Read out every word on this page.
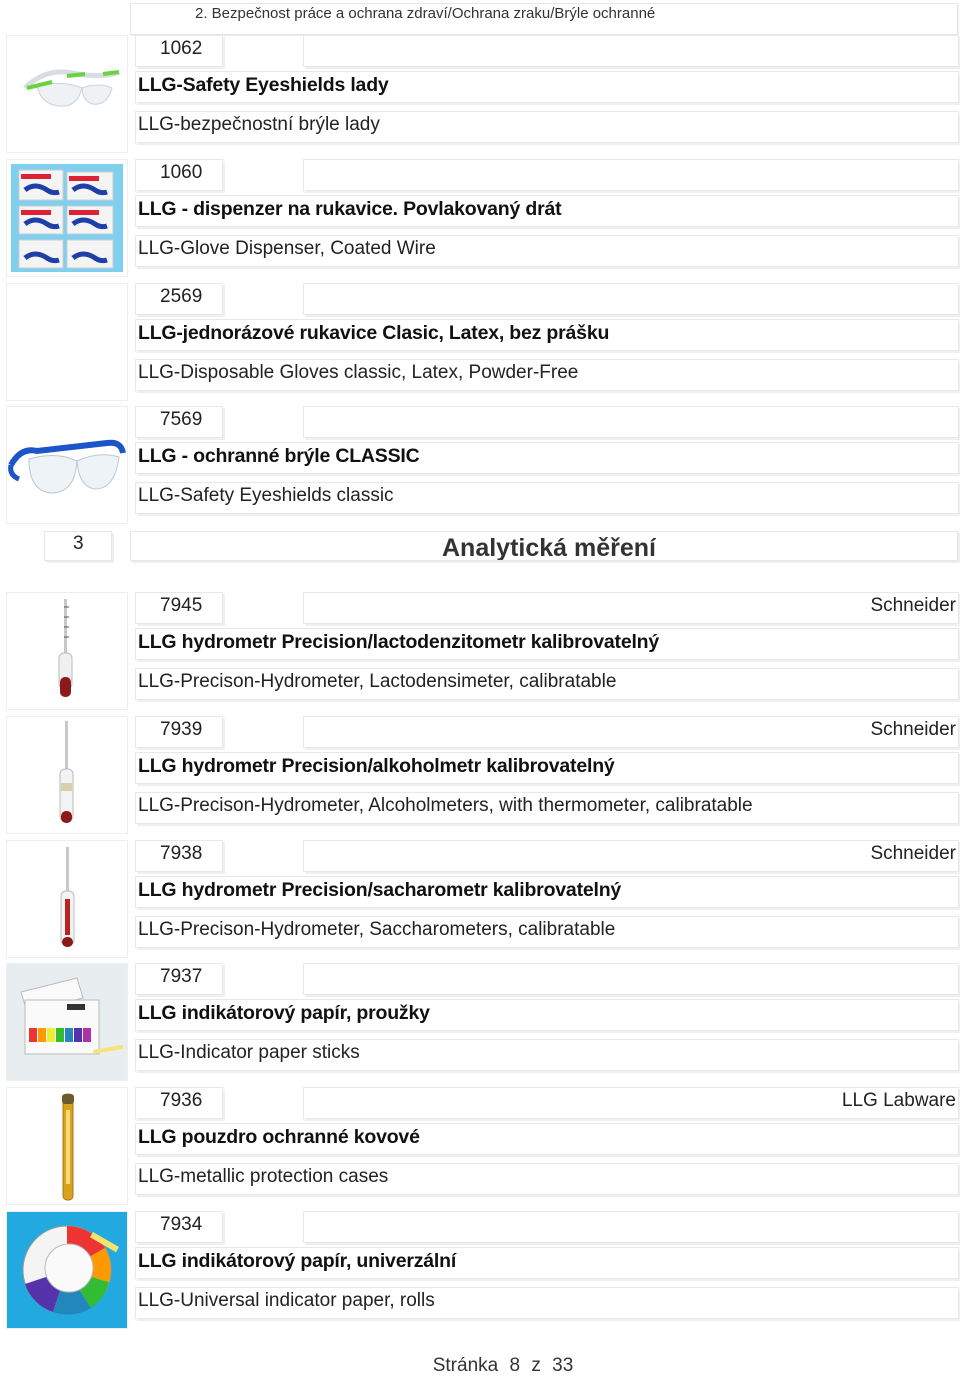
2. Bezpečnost práce a ochrana zdraví/Ochrana zraku/Brýle ochranné
1062
LLG-Safety Eyeshields lady
LLG-bezpečnostní brýle lady
1060
LLG - dispenzer na rukavice. Povlakovaný drát
LLG-Glove Dispenser, Coated Wire
2569
LLG-jednorázové rukavice Clasic, Latex, bez prášku
LLG-Disposable Gloves classic, Latex, Powder-Free
7569
LLG - ochranné brýle CLASSIC
LLG-Safety Eyeshields classic
3	Analytická měření
7945	Schneider
LLG hydrometr Precision/lactodenzitometr kalibrovatelný
LLG-Precison-Hydrometer, Lactodensimeter, calibratable
7939	Schneider
LLG hydrometr Precision/alkoholmetr kalibrovatelný
LLG-Precison-Hydrometer, Alcoholmeters, with thermometer, calibratable
7938	Schneider
LLG hydrometr Precision/sacharometr kalibrovatelný
LLG-Precison-Hydrometer, Saccharometers, calibratable
7937
LLG indikátorový papír, proužky
LLG-Indicator paper sticks
7936	LLG Labware
LLG pouzdro ochranné kovové
LLG-metallic protection cases
7934
LLG indikátorový papír, univerzální
LLG-Universal indicator paper, rolls
Stránka 8 z 33
